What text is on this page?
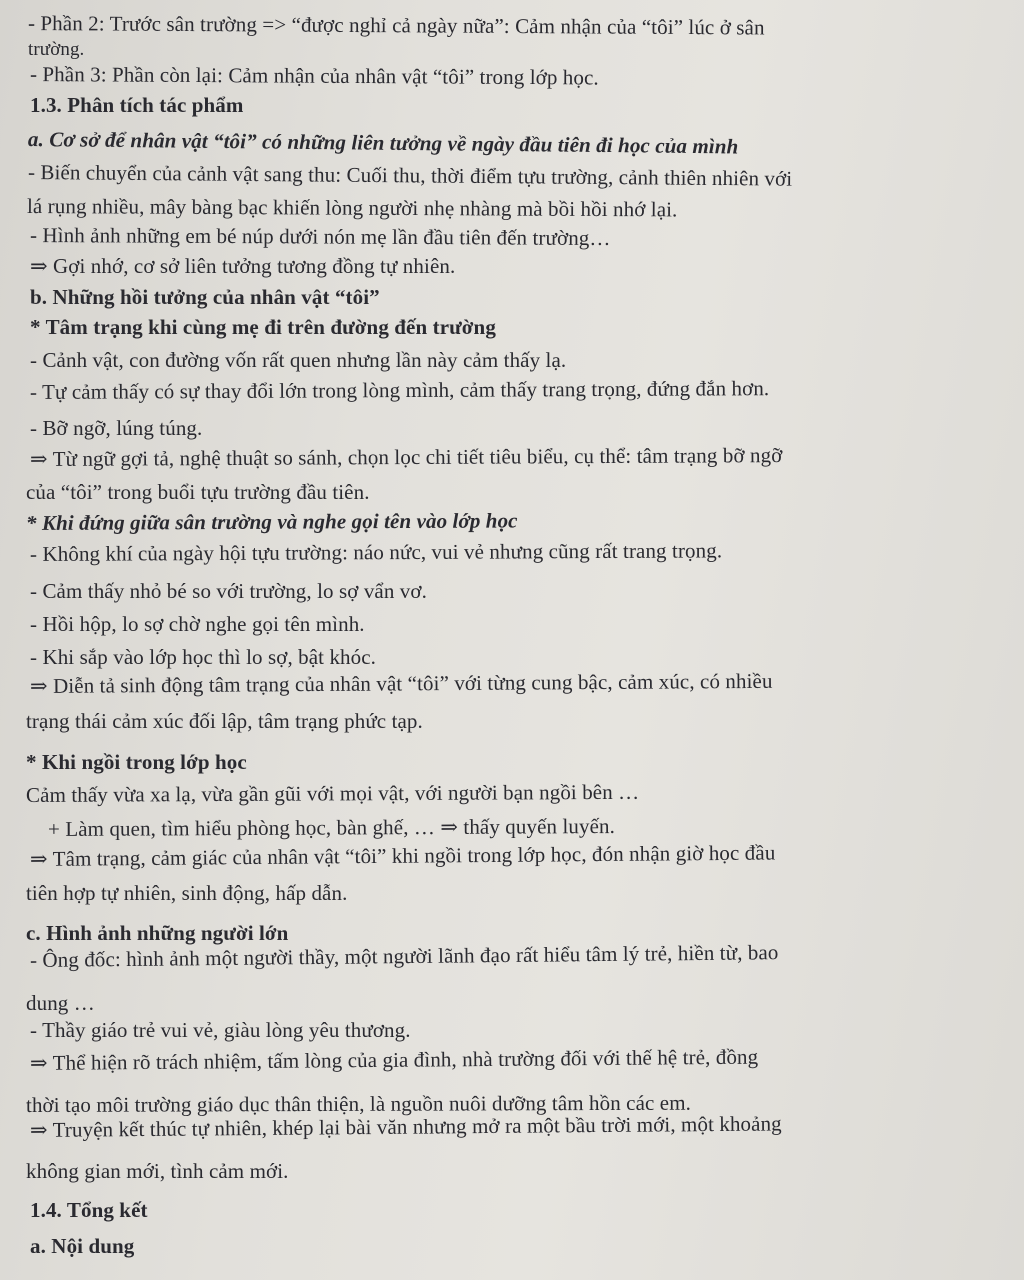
- Phần 2: Trước sân trường => “được nghỉ cả ngày nữa”: Cảm nhận của “tôi” lúc ở sân
trường.
- Phần 3: Phần còn lại: Cảm nhận của nhân vật “tôi” trong lớp học.
1.3. Phân tích tác phẩm
a. Cơ sở để nhân vật “tôi” có những liên tưởng về ngày đầu tiên đi học của mình
- Biến chuyển của cảnh vật sang thu: Cuối thu, thời điểm tựu trường, cảnh thiên nhiên với
lá rụng nhiều, mây bàng bạc khiến lòng người nhẹ nhàng mà bồi hồi nhớ lại.
- Hình ảnh những em bé núp dưới nón mẹ lần đầu tiên đến trường…
⇒ Gợi nhớ, cơ sở liên tưởng tương đồng tự nhiên.
b. Những hồi tưởng của nhân vật “tôi”
* Tâm trạng khi cùng mẹ đi trên đường đến trường
- Cảnh vật, con đường vốn rất quen nhưng lần này cảm thấy lạ.
- Tự cảm thấy có sự thay đổi lớn trong lòng mình, cảm thấy trang trọng, đứng đắn hơn.
- Bỡ ngỡ, lúng túng.
⇒ Từ ngữ gợi tả, nghệ thuật so sánh, chọn lọc chi tiết tiêu biểu, cụ thể: tâm trạng bỡ ngỡ
của “tôi” trong buổi tựu trường đầu tiên.
* Khi đứng giữa sân trường và nghe gọi tên vào lớp học
- Không khí của ngày hội tựu trường: náo nức, vui vẻ nhưng cũng rất trang trọng.
- Cảm thấy nhỏ bé so với trường, lo sợ vẩn vơ.
- Hồi hộp, lo sợ chờ nghe gọi tên mình.
- Khi sắp vào lớp học thì lo sợ, bật khóc.
⇒ Diễn tả sinh động tâm trạng của nhân vật “tôi” với từng cung bậc, cảm xúc, có nhiều
trạng thái cảm xúc đối lập, tâm trạng phức tạp.
* Khi ngồi trong lớp học
Cảm thấy vừa xa lạ, vừa gần gũi với mọi vật, với người bạn ngồi bên …
+ Làm quen, tìm hiểu phòng học, bàn ghế, … ⇒ thấy quyến luyến.
⇒ Tâm trạng, cảm giác của nhân vật “tôi” khi ngồi trong lớp học, đón nhận giờ học đầu
tiên hợp tự nhiên, sinh động, hấp dẫn.
c. Hình ảnh những người lớn
- Ông đốc: hình ảnh một người thầy, một người lãnh đạo rất hiểu tâm lý trẻ, hiền từ, bao
dung …
- Thầy giáo trẻ vui vẻ, giàu lòng yêu thương.
⇒ Thể hiện rõ trách nhiệm, tấm lòng của gia đình, nhà trường đối với thế hệ trẻ, đồng
thời tạo môi trường giáo dục thân thiện, là nguồn nuôi dưỡng tâm hồn các em.
⇒ Truyện kết thúc tự nhiên, khép lại bài văn nhưng mở ra một bầu trời mới, một khoảng
không gian mới, tình cảm mới.
1.4. Tổng kết
a. Nội dung
